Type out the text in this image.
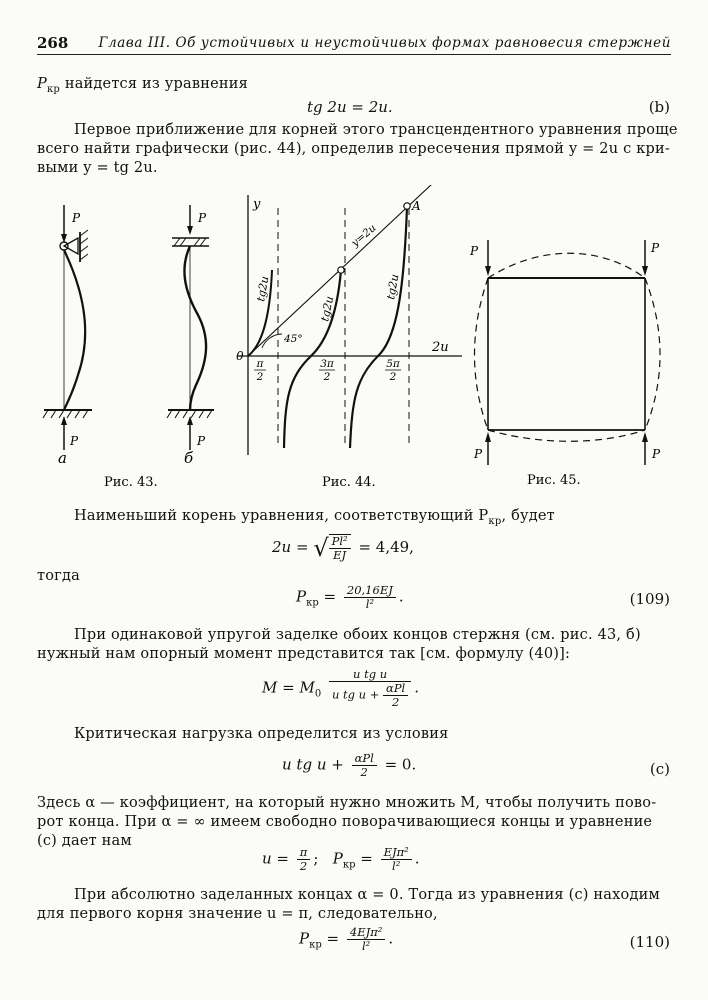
268 Глава III. Об устойчивых и неустойчивых формах равновесия стержней
$P_{кр}$ найдется из уравнения
tg 2u = 2u.	(b)
Первое приближение для корней этого трансцендентного уравнения проще
всего найти графически (рис. 44), определив пересечения прямой y = 2u с кри-
выми y = tg 2u.
P
P
а
P
P
б
y
2u
0
A
y=2u
45°
tg2u
tg2u
tg2u
π
2
3π
2
5π
2
P	P
P	P
Рис. 43.	Рис. 44.	Рис. 45.
Наименьший корень уравнения, соответствующий $P_{кр}$, будет
2u = √ $\frac{\text{Pl²}}{EJ} = 4,49$,
тогда
$P_{кр} = \frac{20,16EJ}{\text{l²}}$ .	(109)
При одинаковой упругой заделке обоих концов стержня (см. рис. 43, б)
нужный нам опорный момент представится так [см. формулу (40)]:
$M = M_0 \frac{\text{u tg u}}{u tg u + \frac{\text{αPl}}{2}}$ .
Критическая нагрузка определится из условия
u tg $u + \frac{\text{αPl}}{2} = 0$.	(c)
Здесь α — коэффициент, на который нужно множить M, чтобы получить пово-
рот конца. При α = ∞ имеем свободно поворачивающиеся концы и уравнение
(c) дает нам
$u = \frac{\pi}{2}$ ; $P_{кр} = \frac{\text{EJπ²}}{\text{l²}}$ .
При абсолютно заделанных концах α = 0. Тогда из уравнения (c) находим
для первого корня значение u = π, следовательно,
$P_{кр} = \frac{\text{4EJπ²}}{\text{l²}}$ .	(110)
